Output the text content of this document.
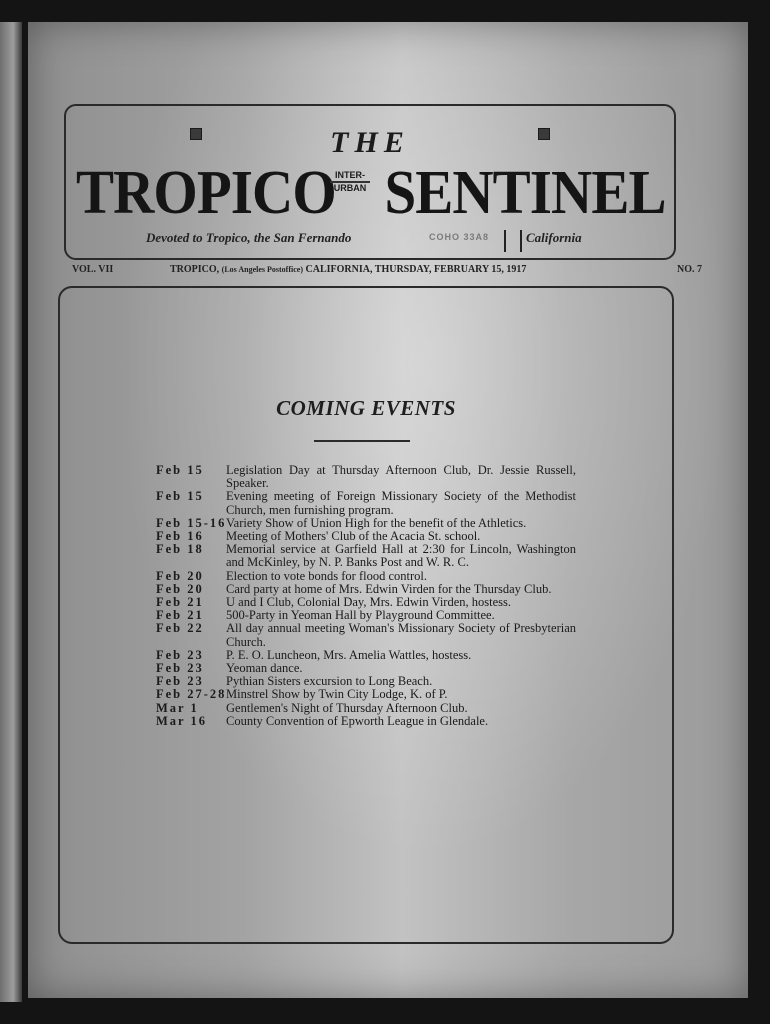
THE
TROPICO INTER-
URBAN SENTINEL
Devoted to Tropico, the San Fernando	COHO 33A8	California
VOL. VII	TROPICO, (Los Angeles Postoffice) CALIFORNIA, THURSDAY, FEBRUARY 15, 1917	NO. 7
COMING EVENTS
Feb 15	Legislation Day at Thursday Afternoon Club, Dr. Jessie Russell, Speaker.
Feb 15	Evening meeting of Foreign Missionary Society of the Methodist Church, men furnishing program.
Feb 15-16 Variety Show of Union High for the benefit of the Athletics.
Feb 16	Meeting of Mothers' Club of the Acacia St. school.
Feb 18	Memorial service at Garfield Hall at 2:30 for Lincoln, Washington and McKinley, by N. P. Banks Post and W. R. C.
Feb 20	Election to vote bonds for flood control.
Feb 20	Card party at home of Mrs. Edwin Virden for the Thursday Club.
Feb 21	U and I Club, Colonial Day, Mrs. Edwin Virden, hostess.
Feb 21	500-Party in Yeoman Hall by Playground Committee.
Feb 22	All day annual meeting Woman's Missionary Society of Presbyterian Church.
Feb 23	P. E. O. Luncheon, Mrs. Amelia Wattles, hostess.
Feb 23	Yeoman dance.
Feb 23	Pythian Sisters excursion to Long Beach.
Feb 27-28 Minstrel Show by Twin City Lodge, K. of P.
Mar 1	Gentlemen's Night of Thursday Afternoon Club.
Mar 16	County Convention of Epworth League in Glendale.
